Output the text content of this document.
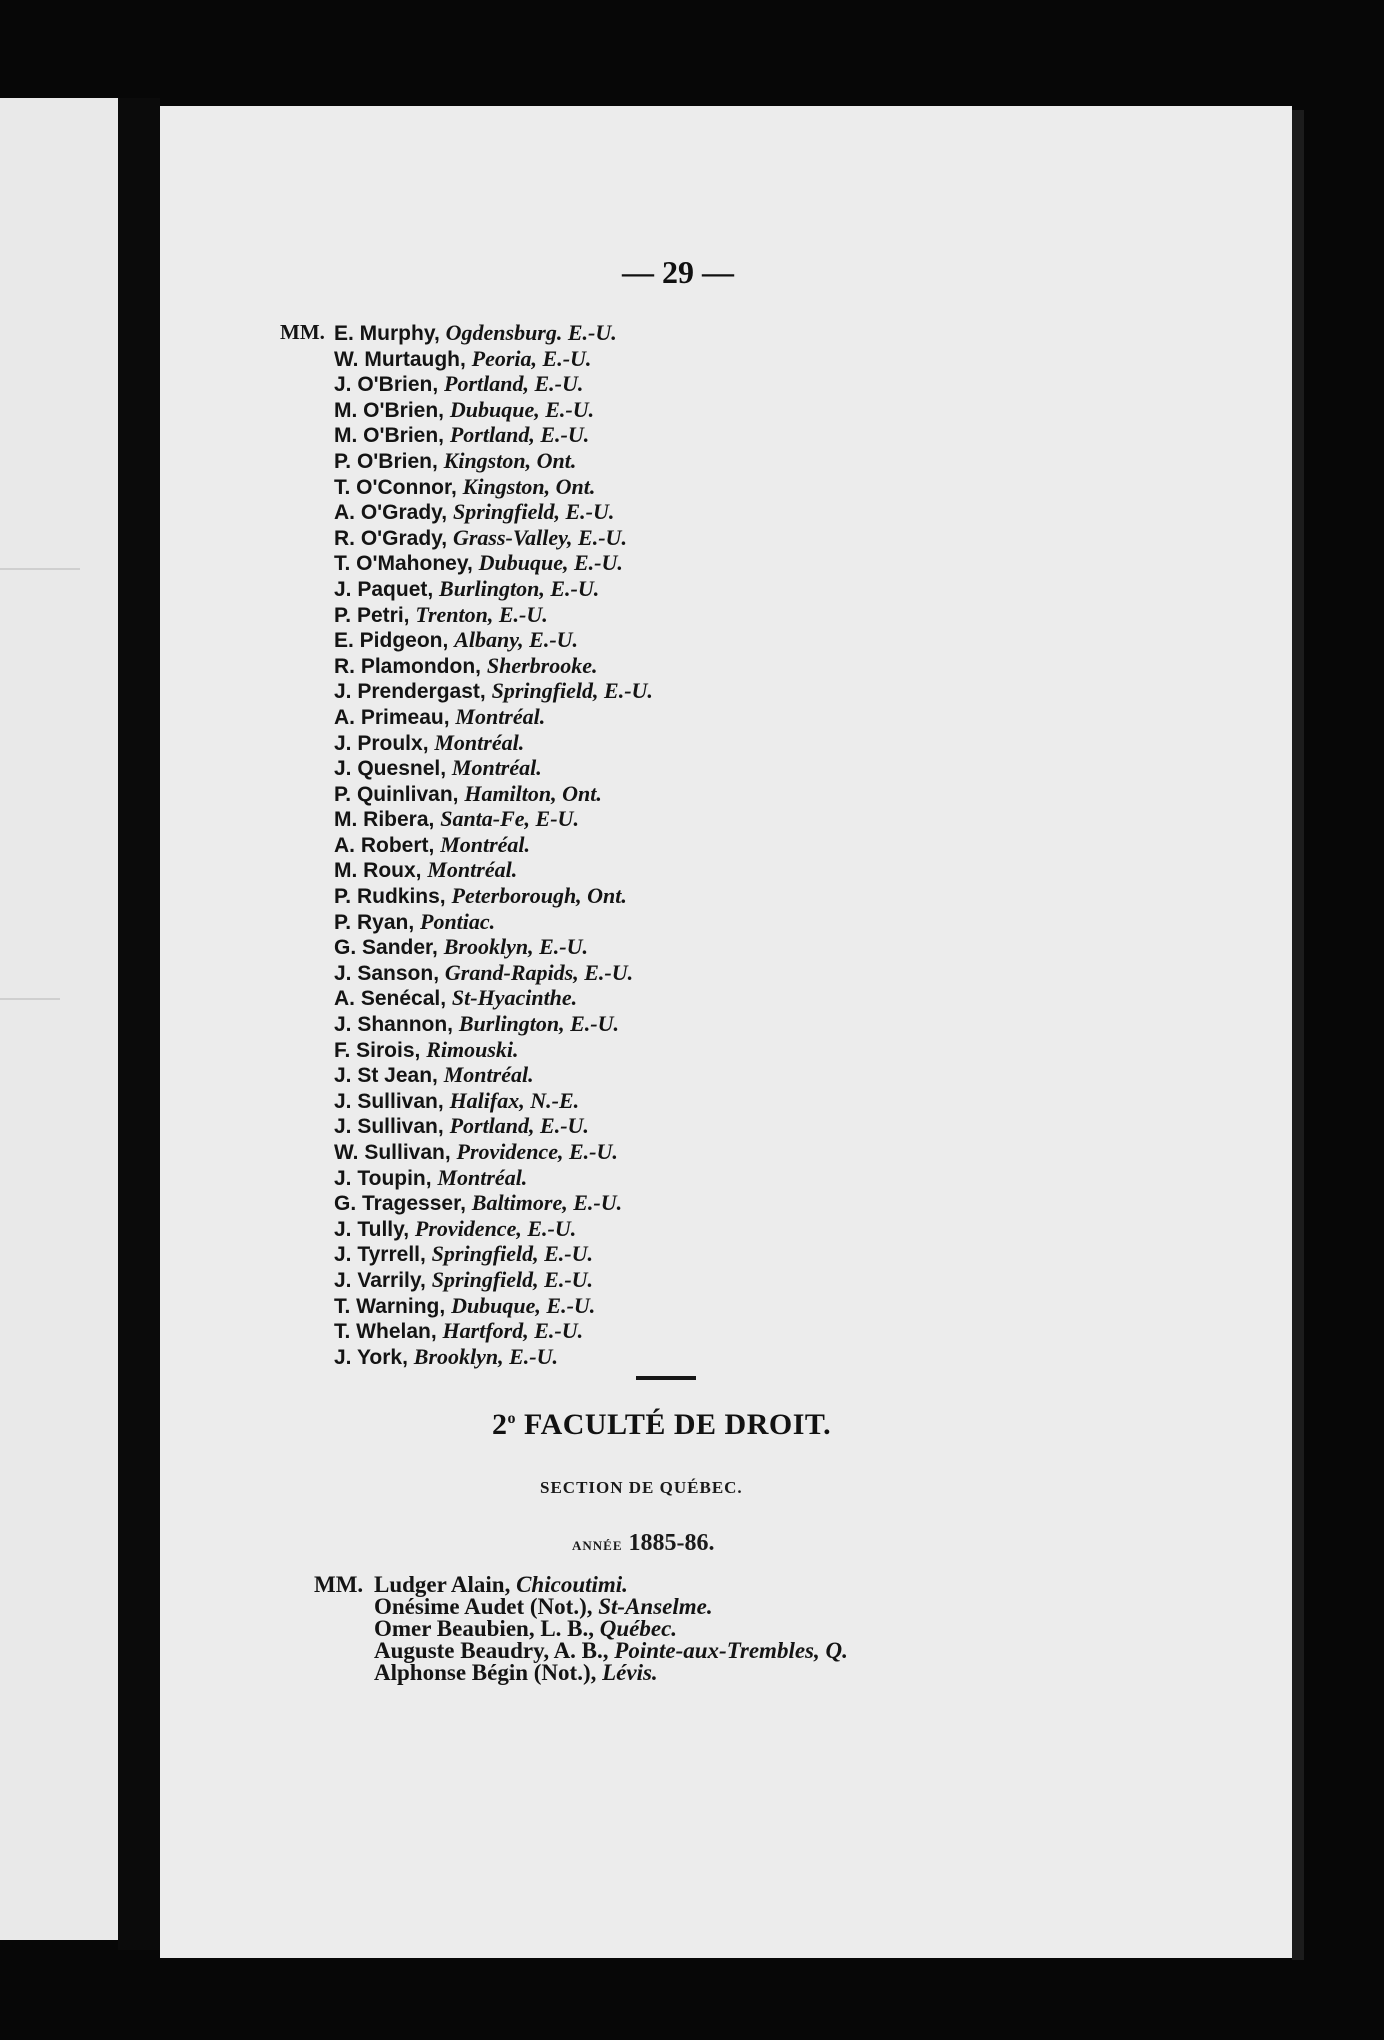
— 29 —
MM. E. Murphy, Ogdensburg. E.-U.
W. Murtaugh, Peoria, E.-U.
J. O'Brien, Portland, E.-U.
M. O'Brien, Dubuque, E.-U.
M. O'Brien, Portland, E.-U.
P. O'Brien, Kingston, Ont.
T. O'Connor, Kingston, Ont.
A. O'Grady, Springfield, E.-U.
R. O'Grady, Grass-Valley, E.-U.
T. O'Mahoney, Dubuque, E.-U.
J. Paquet, Burlington, E.-U.
P. Petri, Trenton, E.-U.
E. Pidgeon, Albany, E.-U.
R. Plamondon, Sherbrooke.
J. Prendergast, Springfield, E.-U.
A. Primeau, Montréal.
J. Proulx, Montréal.
J. Quesnel, Montréal.
P. Quinlivan, Hamilton, Ont.
M. Ribera, Santa-Fe, E-U.
A. Robert, Montréal.
M. Roux, Montréal.
P. Rudkins, Peterborough, Ont.
P. Ryan, Pontiac.
G. Sander, Brooklyn, E.-U.
J. Sanson, Grand-Rapids, E.-U.
A. Senécal, St-Hyacinthe.
J. Shannon, Burlington, E.-U.
F. Sirois, Rimouski.
J. St Jean, Montréal.
J. Sullivan, Halifax, N.-E.
J. Sullivan, Portland, E.-U.
W. Sullivan, Providence, E.-U.
J. Toupin, Montréal.
G. Tragesser, Baltimore, E.-U.
J. Tully, Providence, E.-U.
J. Tyrrell, Springfield, E.-U.
J. Varrily, Springfield, E.-U.
T. Warning, Dubuque, E.-U.
T. Whelan, Hartford, E.-U.
J. York, Brooklyn, E.-U.
2$^o$ FACULTÉ DE DROIT.
SECTION DE QUÉBEC.
ANNÉE 1885-86.
MM. Ludger Alain, Chicoutimi.
Onésime Audet (Not.), St-Anselme.
Omer Beaubien, L. B., Québec.
Auguste Beaudry, A. B., Pointe-aux-Trembles, Q.
Alphonse Bégin (Not.), Lévis.
